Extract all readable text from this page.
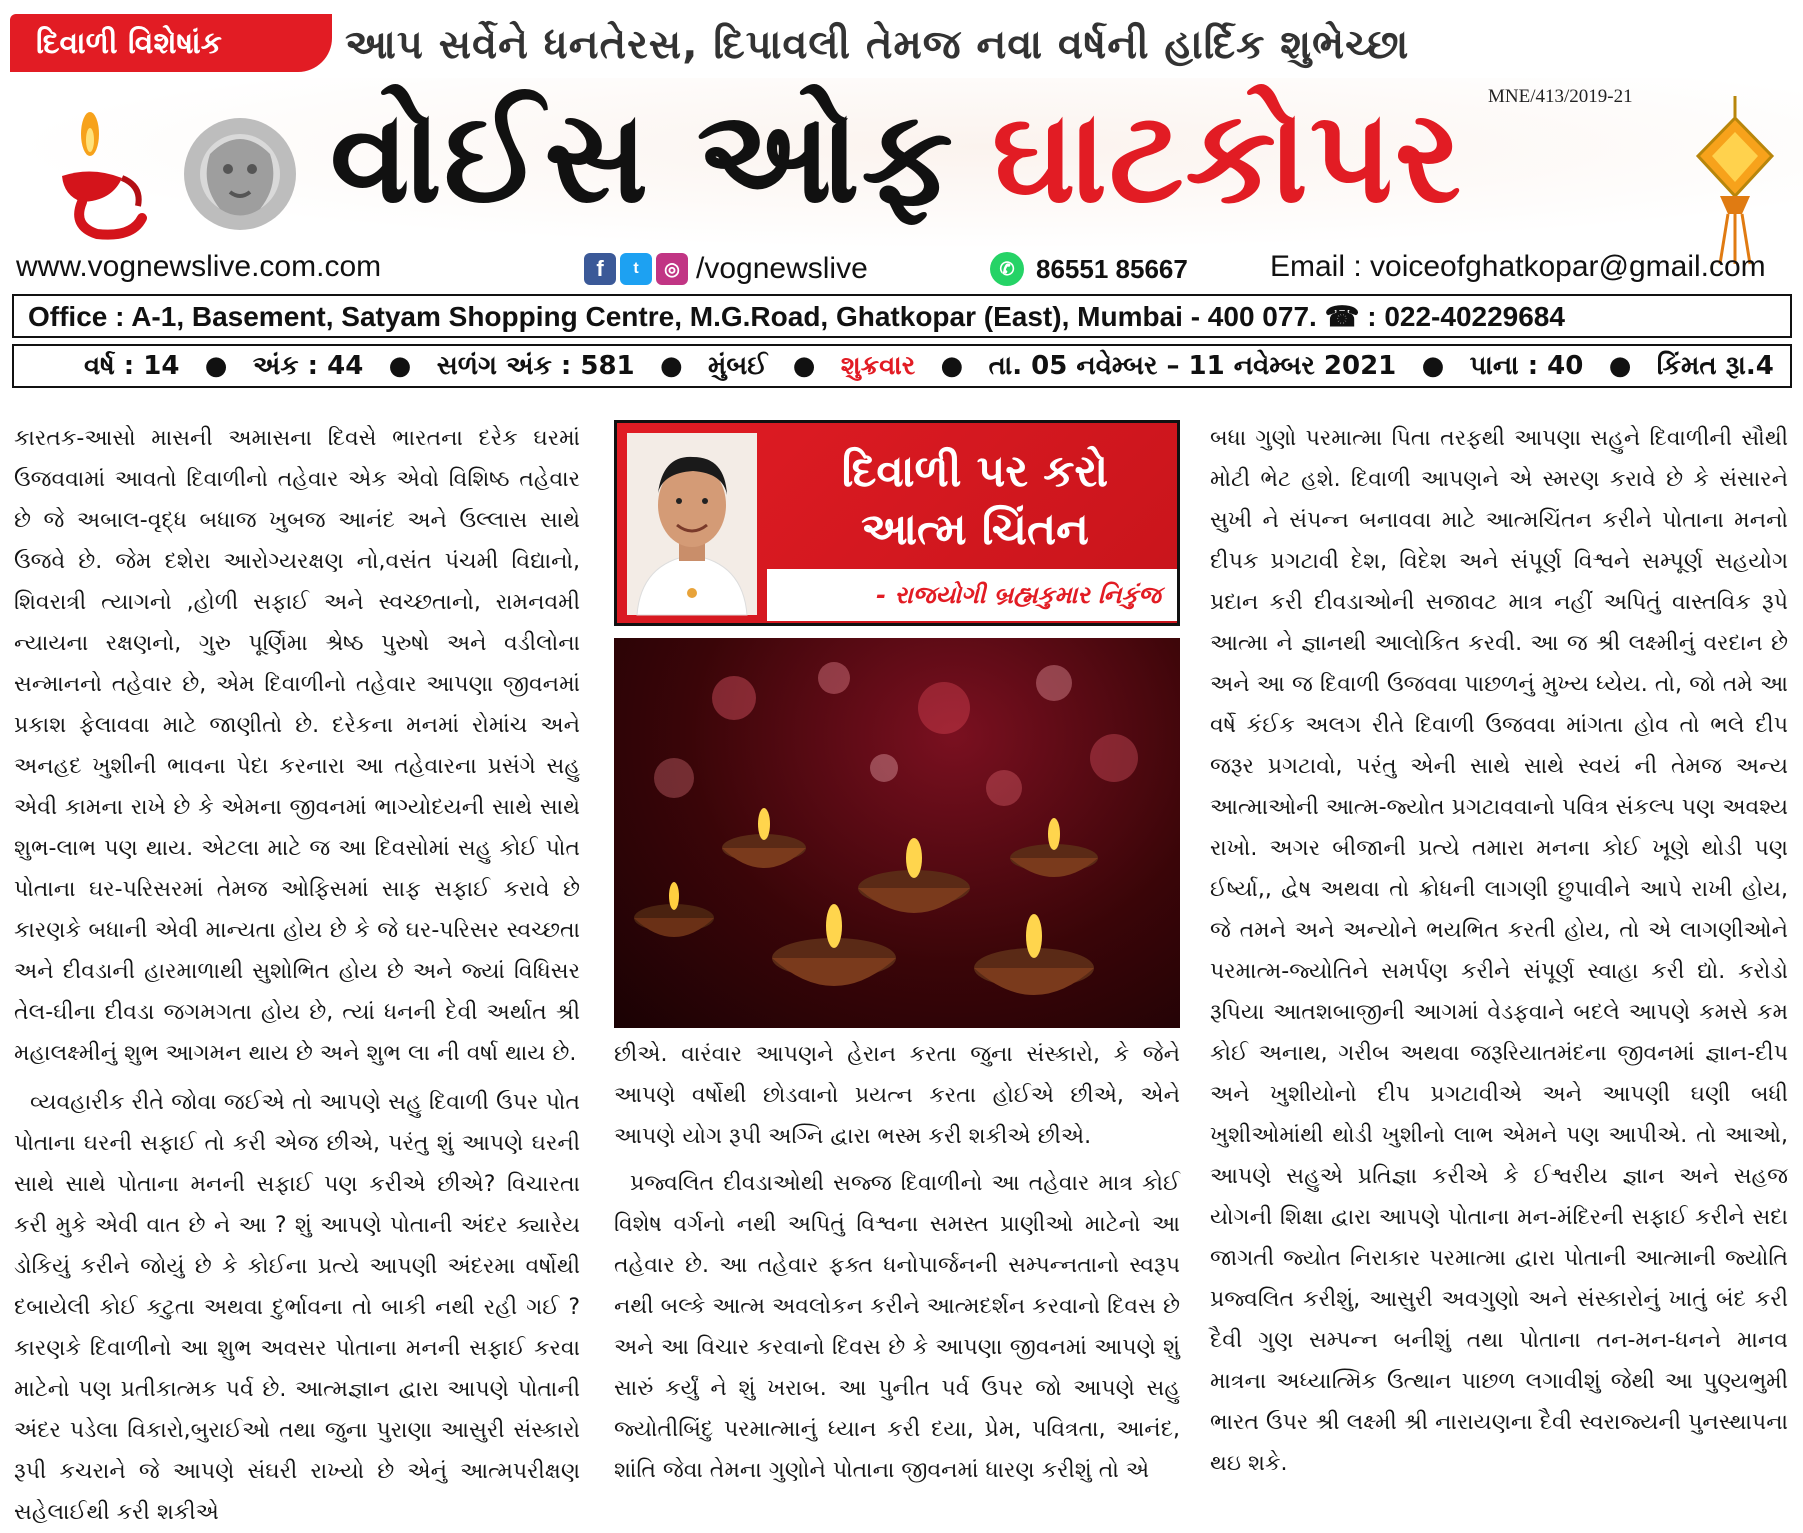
દિવાળી વિશેષાંક	આપ સર્વેને ધનતેરસ, દિપાવલી તેમજ નવા વર્ષની હાર્દિક શુભેચ્છા
MNE/413/2019-21
વોઈસ ઓફ ઘાટકોપર
www.vognewslive.com.com	f	t	◎ /vognewslive	✆ 86551 85667	Email : voiceofghatkopar@gmail.com
Office : A-1, Basement, Satyam Shopping Centre, M.G.Road, Ghatkopar (East), Mumbai - 400 077. ☎ : 022-40229684
વર્ષ : 14 ● અંક : 44 ● સળંગ અંક : 581 ● મુંબઈ ● શુક્રવાર ● તા. 05 નવેમ્બર – 11 નવેમ્બર 2021 ● પાના : 40 ● કિંમત રૂા.4

કારતક-આસો માસની અમાસના દિવસે ભારતના દરેક ઘરમાં ઉજવવામાં આવતો દિવાળીનો તહેવાર એક એવો વિશિષ્ઠ તહેવાર છે જે અબાલ-વૃદ્ધ બધાજ ખુબજ આનંદ અને ઉલ્લાસ સાથે ઉજવે છે. જેમ દશેરા આરોગ્યરક્ષણ નો,વસંત પંચમી વિદ્યાનો, શિવરાત્રી ત્યાગનો ,હોળી સફાઈ અને સ્વચ્છતાનો, રામનવમી ન્યાયના રક્ષણનો, ગુરુ પૂર્ણિમા શ્રેષ્ઠ પુરુષો અને વડીલોના સન્માનનો તહેવાર છે, એમ દિવાળીનો તહેવાર આપણા જીવનમાં પ્રકાશ ફેલાવવા માટે જાણીતો છે. દરેકના મનમાં રોમાંચ અને અનહદ ખુશીની ભાવના પેદા કરનારા આ તહેવારના પ્રસંગે સહુ એવી કામના રાખે છે કે એમના જીવનમાં ભાગ્યોદયની સાથે સાથે શુભ-લાભ પણ થાય. એટલા માટે જ આ દિવસોમાં સહુ કોઈ પોત પોતાના ઘર-પરિસરમાં તેમજ ઓફિસમાં સાફ સફાઈ કરાવે છે કારણકે બધાની એવી માન્યતા હોય છે કે જે ઘર-પરિસર સ્વચ્છતા અને દીવડાની હારમાળાથી સુશોભિત હોય છે અને જ્યાં વિધિસર તેલ-ઘીના દીવડા જગમગતા હોય છે, ત્યાં ધનની દેવી અર્થાત શ્રી મહાલક્ષ્મીનું શુભ આગમન થાય છે અને શુભ લા ની વર્ષા થાય છે.

વ્યવહારીક રીતે જોવા જઈએ તો આપણે સહુ દિવાળી ઉપર પોત પોતાના ઘરની સફાઈ તો કરી એજ છીએ, પરંતુ શું આપણે ઘરની સાથે સાથે પોતાના મનની સફાઈ પણ કરીએ છીએ? વિચારતા કરી મુકે એવી વાત છે ને આ ? શું આપણે પોતાની અંદર ક્યારેય ડોકિયું કરીને જોયું છે કે કોઈના પ્રત્યે આપણી અંદરમા વર્ષોથી દબાયેલી કોઈ કટુતા અથવા દુર્ભાવના તો બાકી નથી રહી ગઈ ? કારણકે દિવાળીનો આ શુભ અવસર પોતાના મનની સફાઈ કરવા માટેનો પણ પ્રતીકાત્મક પર્વ છે. આત્મજ્ઞાન દ્વારા આપણે પોતાની અંદર પડેલા વિકારો,બુરાઈઓ તથા જુના પુરાણા આસુરી સંસ્કારો રૂપી કચરાને જે આપણે સંઘરી રાખ્યો છે એનું આત્મપરીક્ષણ સહેલાઈથી કરી શકીએ

દિવાળી પર કરો
આત્મ ચિંતન
- રાજયોગી બ્રહ્મકુમાર નિકુંજ

છીએ. વારંવાર આપણને હેરાન કરતા જુના સંસ્કારો, કે જેને આપણે વર્ષોથી છોડવાનો પ્રયત્ન કરતા હોઈએ છીએ, એને આપણે યોગ રૂપી અગ્નિ દ્વારા ભસ્મ કરી શકીએ છીએ.

પ્રજ્વલિત દીવડાઓથી સજ્જ દિવાળીનો આ તહેવાર માત્ર કોઈ વિશેષ વર્ગનો નથી અપિતું વિશ્વના સમસ્ત પ્રાણીઓ માટેનો આ તહેવાર છે. આ તહેવાર ફક્ત ધનોપાર્જનની સમ્પન્નતાનો સ્વરૂપ નથી બલ્કે આત્મ અવલોકન કરીને આત્મદર્શન કરવાનો દિવસ છે અને આ વિચાર કરવાનો દિવસ છે કે આપણા જીવનમાં આપણે શું સારું કર્યું ને શું ખરાબ. આ પુનીત પર્વ ઉપર જો આપણે સહુ જ્યોતીબિંદુ પરમાત્માનું ધ્યાન કરી દયા, પ્રેમ, પવિત્રતા, આનંદ, શાંતિ જેવા તેમના ગુણોને પોતાના જીવનમાં ધારણ કરીશું તો એ

બધા ગુણો પરમાત્મા પિતા તરફથી આપણા સહુને દિવાળીની સૌથી મોટી ભેટ હશે. દિવાળી આપણને એ સ્મરણ કરાવે છે કે સંસારને સુખી ને સંપન્ન બનાવવા માટે આત્મચિંતન કરીને પોતાના મનનો દીપક પ્રગટાવી દેશ, વિદેશ અને સંપૂર્ણ વિશ્વને સમ્પૂર્ણ સહયોગ પ્રદાન કરી દીવડાઓની સજાવટ માત્ર નહીં અપિતું વાસ્તવિક રૂપે આત્મા ને જ્ઞાનથી આલોકિત કરવી. આ જ શ્રી લક્ષ્મીનું વરદાન છે અને આ જ દિવાળી ઉજવવા પાછળનું મુખ્ય ધ્યેય. તો, જો તમે આ વર્ષે કંઈક અલગ રીતે દિવાળી ઉજવવા માંગતા હોવ તો ભલે દીપ જરૂર પ્રગટાવો, પરંતુ એની સાથે સાથે સ્વયં ની તેમજ અન્ય આત્માઓની આત્મ-જ્યોત પ્રગટાવવાનો પવિત્ર સંકલ્પ પણ અવશ્ય રાખો. અગર બીજાની પ્રત્યે તમારા મનના કોઈ ખૂણે થોડી પણ ઈર્ષ્યા,, દ્વેષ અથવા તો ક્રોધની લાગણી છુપાવીને આપે રાખી હોય, જે તમને અને અન્યોને ભયભિત કરતી હોય, તો એ લાગણીઓને પરમાત્મ-જ્યોતિને સમર્પણ કરીને સંપૂર્ણ સ્વાહા કરી દ્યો. કરોડો રૂપિયા આતશબાજીની આગમાં વેડફવાને બદલે આપણે કમસે કમ કોઈ અનાથ, ગરીબ અથવા જરૂરિયાતમંદના જીવનમાં જ્ઞાન-દીપ અને ખુશીયોનો દીપ પ્રગટાવીએ અને આપણી ઘણી બધી ખુશીઓમાંથી થોડી ખુશીનો લાભ એમને પણ આપીએ. તો આઓ, આપણે સહુએ પ્રતિજ્ઞા કરીએ કે ઈશ્વરીય જ્ઞાન અને સહજ યોગની શિક્ષા દ્વારા આપણે પોતાના મન-મંદિરની સફાઈ કરીને સદા જાગતી જ્યોત નિરાકાર પરમાત્મા દ્વારા પોતાની આત્માની જ્યોતિ પ્રજ્વલિત કરીશું, આસુરી અવગુણો અને સંસ્કારોનું ખાતું બંદ કરી દૈવી ગુણ સમ્પન્ન બનીશું તથા પોતાના તન-મન-ધનને માનવ માત્રના અધ્યાત્મિક ઉત્થાન પાછળ લગાવીશું જેથી આ પુણ્યભુમી ભારત ઉપર શ્રી લક્ષ્મી શ્રી નારાયણના દૈવી સ્વરાજ્યની પુનસ્થાપના થઇ શકે.
